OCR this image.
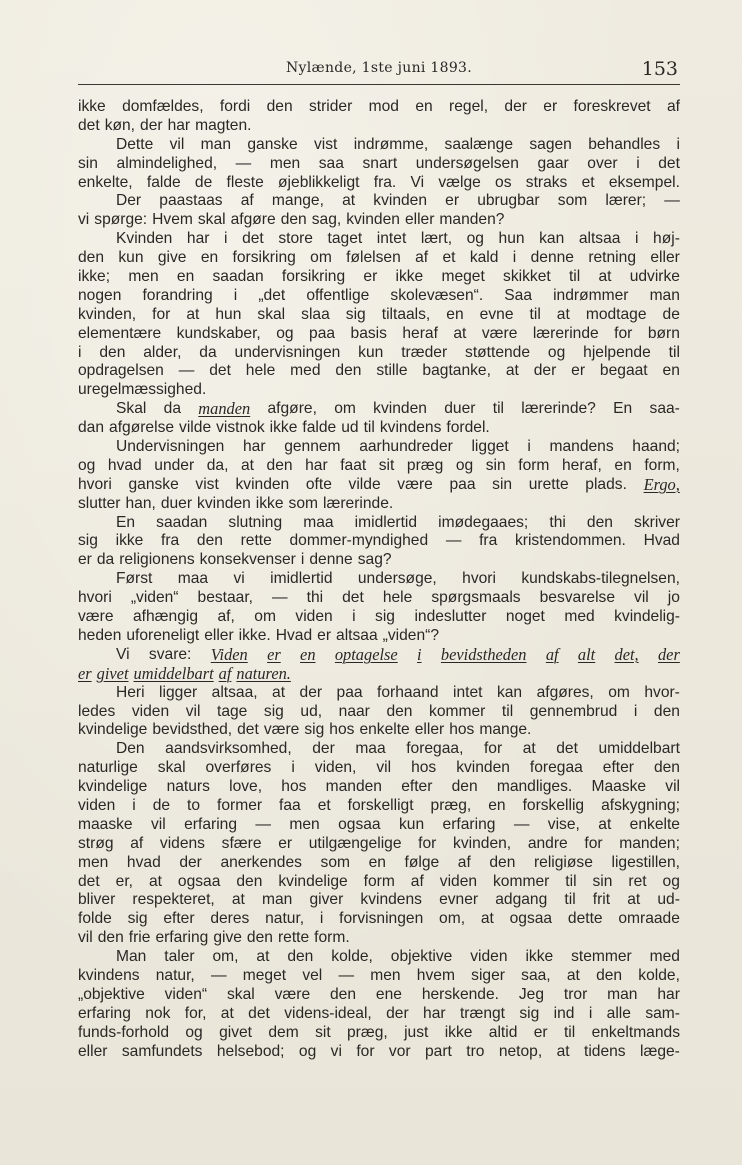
Nylænde, 1ste juni 1893.	153
ikke domfældes, fordi den strider mod en regel, der er foreskrevet af
det køn, der har magten.
Dette vil man ganske vist indrømme, saalænge sagen behandles i
sin almindelighed, — men saa snart undersøgelsen gaar over i det
enkelte, falde de fleste øjeblikkeligt fra. Vi vælge os straks et eksempel.
Der paastaas af mange, at kvinden er ubrugbar som lærer; —
vi spørge: Hvem skal afgøre den sag, kvinden eller manden?
Kvinden har i det store taget intet lært, og hun kan altsaa i høj-
den kun give en forsikring om følelsen af et kald i denne retning eller
ikke; men en saadan forsikring er ikke meget skikket til at udvirke
nogen forandring i „det offentlige skolevæsen“. Saa indrømmer man
kvinden, for at hun skal slaa sig tiltaals, en evne til at modtage de
elementære kundskaber, og paa basis heraf at være lærerinde for børn
i den alder, da undervisningen kun træder støttende og hjelpende til
opdragelsen — det hele med den stille bagtanke, at der er begaat en
uregelmæssighed.
Skal da manden afgøre, om kvinden duer til lærerinde? En saa-
dan afgørelse vilde vistnok ikke falde ud til kvindens fordel.
Undervisningen har gennem aarhundreder ligget i mandens haand;
og hvad under da, at den har faat sit præg og sin form heraf, en form,
hvori ganske vist kvinden ofte vilde være paa sin urette plads. Ergo,
slutter han, duer kvinden ikke som lærerinde.
En saadan slutning maa imidlertid imødegaaes; thi den skriver
sig ikke fra den rette dommer-myndighed — fra kristendommen. Hvad
er da religionens konsekvenser i denne sag?
Først maa vi imidlertid undersøge, hvori kundskabs-tilegnelsen,
hvori „viden“ bestaar, — thi det hele spørgsmaals besvarelse vil jo
være afhængig af, om viden i sig indeslutter noget med kvindelig-
heden uforeneligt eller ikke. Hvad er altsaa „viden“?
Vi svare: Viden er en optagelse i bevidstheden af alt det, der
er givet umiddelbart af naturen.
Heri ligger altsaa, at der paa forhaand intet kan afgøres, om hvor-
ledes viden vil tage sig ud, naar den kommer til gennembrud i den
kvindelige bevidsthed, det være sig hos enkelte eller hos mange.
Den aandsvirksomhed, der maa foregaa, for at det umiddelbart
naturlige skal overføres i viden, vil hos kvinden foregaa efter den
kvindelige naturs love, hos manden efter den mandliges. Maaske vil
viden i de to former faa et forskelligt præg, en forskellig afskygning;
maaske vil erfaring — men ogsaa kun erfaring — vise, at enkelte
strøg af videns sfære er utilgængelige for kvinden, andre for manden;
men hvad der anerkendes som en følge af den religiøse ligestillen,
det er, at ogsaa den kvindelige form af viden kommer til sin ret og
bliver respekteret, at man giver kvindens evner adgang til frit at ud-
folde sig efter deres natur, i forvisningen om, at ogsaa dette omraade
vil den frie erfaring give den rette form.
Man taler om, at den kolde, objektive viden ikke stemmer med
kvindens natur, — meget vel — men hvem siger saa, at den kolde,
„objektive viden“ skal være den ene herskende. Jeg tror man har
erfaring nok for, at det videns-ideal, der har trængt sig ind i alle sam-
funds-forhold og givet dem sit præg, just ikke altid er til enkeltmands
eller samfundets helsebod; og vi for vor part tro netop, at tidens læge-
